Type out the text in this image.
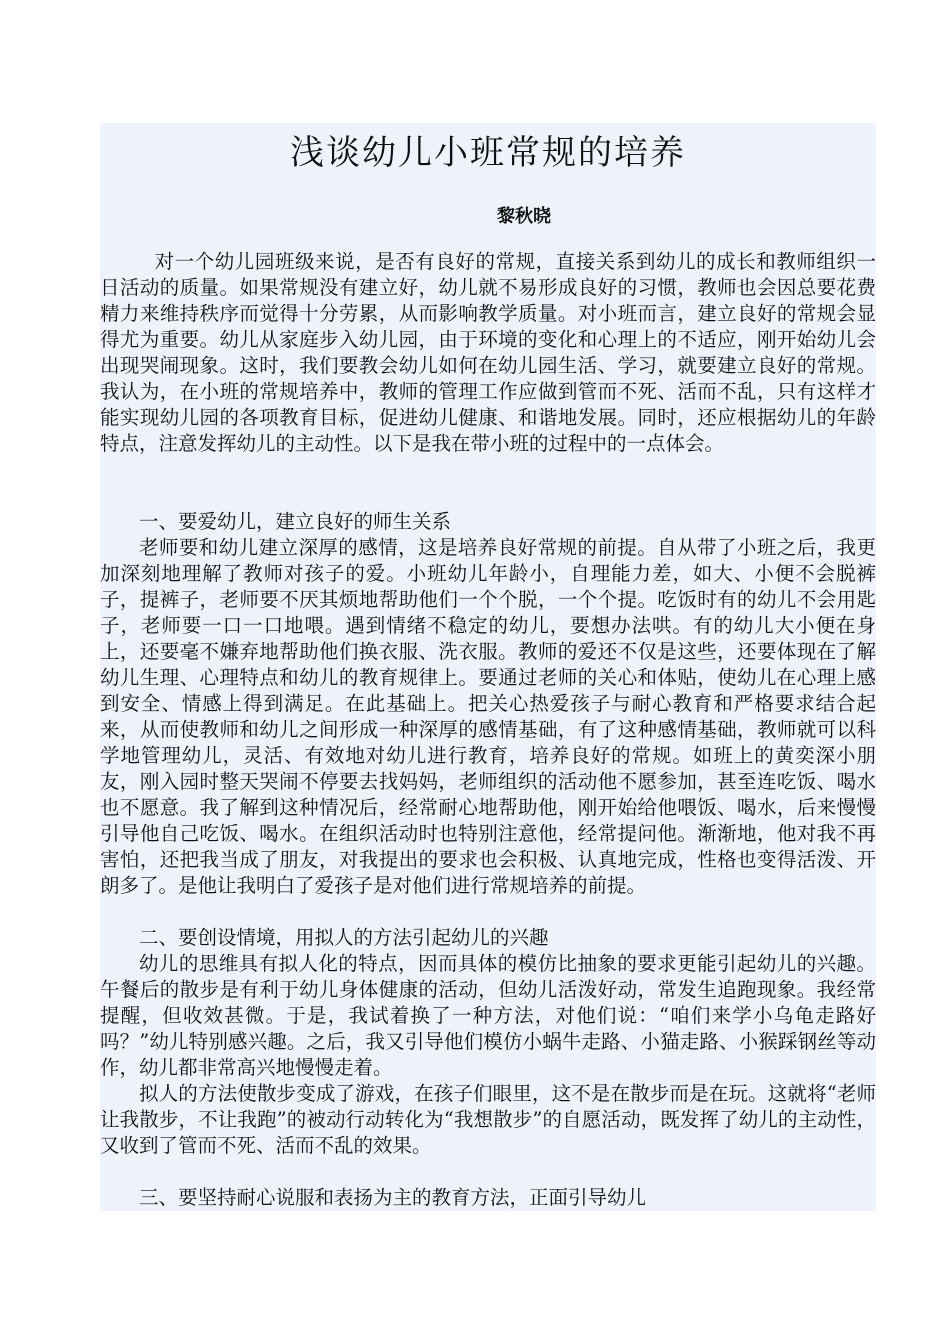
浅谈幼儿小班常规的培养

黎秋晓

对一个幼儿园班级来说，是否有良好的常规，直接关系到幼儿的成长和教师组织一日活动的质量。如果常规没有建立好，幼儿就不易形成良好的习惯，教师也会因总要花费精力来维持秩序而觉得十分劳累，从而影响教学质量。对小班而言，建立良好的常规会显得尤为重要。幼儿从家庭步入幼儿园，由于环境的变化和心理上的不适应，刚开始幼儿会出现哭闹现象。这时，我们要教会幼儿如何在幼儿园生活、学习，就要建立良好的常规。我认为，在小班的常规培养中，教师的管理工作应做到管而不死、活而不乱，只有这样才能实现幼儿园的各项教育目标，促进幼儿健康、和谐地发展。同时，还应根据幼儿的年龄特点，注意发挥幼儿的主动性。以下是我在带小班的过程中的一点体会。

一、要爱幼儿，建立良好的师生关系

老师要和幼儿建立深厚的感情，这是培养良好常规的前提。自从带了小班之后，我更加深刻地理解了教师对孩子的爱。小班幼儿年龄小，自理能力差，如大、小便不会脱裤子，提裤子，老师要不厌其烦地帮助他们一个个脱，一个个提。吃饭时有的幼儿不会用匙子，老师要一口一口地喂。遇到情绪不稳定的幼儿，要想办法哄。有的幼儿大小便在身上，还要毫不嫌弃地帮助他们换衣服、洗衣服。教师的爱还不仅是这些，还要体现在了解幼儿生理、心理特点和幼儿的教育规律上。要通过老师的关心和体贴，使幼儿在心理上感到安全、情感上得到满足。在此基础上。把关心热爱孩子与耐心教育和严格要求结合起来，从而使教师和幼儿之间形成一种深厚的感情基础，有了这种感情基础，教师就可以科学地管理幼儿，灵活、有效地对幼儿进行教育，培养良好的常规。如班上的黄奕深小朋友，刚入园时整天哭闹不停要去找妈妈，老师组织的活动他不愿参加，甚至连吃饭、喝水也不愿意。我了解到这种情况后，经常耐心地帮助他，刚开始给他喂饭、喝水，后来慢慢引导他自己吃饭、喝水。在组织活动时也特别注意他，经常提问他。渐渐地，他对我不再害怕，还把我当成了朋友，对我提出的要求也会积极、认真地完成，性格也变得活泼、开朗多了。是他让我明白了爱孩子是对他们进行常规培养的前提。

二、要创设情境，用拟人的方法引起幼儿的兴趣

幼儿的思维具有拟人化的特点，因而具体的模仿比抽象的要求更能引起幼儿的兴趣。午餐后的散步是有利于幼儿身体健康的活动，但幼儿活泼好动，常发生追跑现象。我经常提醒，但收效甚微。于是，我试着换了一种方法，对他们说：“咱们来学小乌龟走路好吗？”幼儿特别感兴趣。之后，我又引导他们模仿小蜗牛走路、小猫走路、小猴踩钢丝等动作，幼儿都非常高兴地慢慢走着。

拟人的方法使散步变成了游戏，在孩子们眼里，这不是在散步而是在玩。这就将“老师让我散步，不让我跑”的被动行动转化为“我想散步”的自愿活动，既发挥了幼儿的主动性，又收到了管而不死、活而不乱的效果。

三、要坚持耐心说服和表扬为主的教育方法，正面引导幼儿
